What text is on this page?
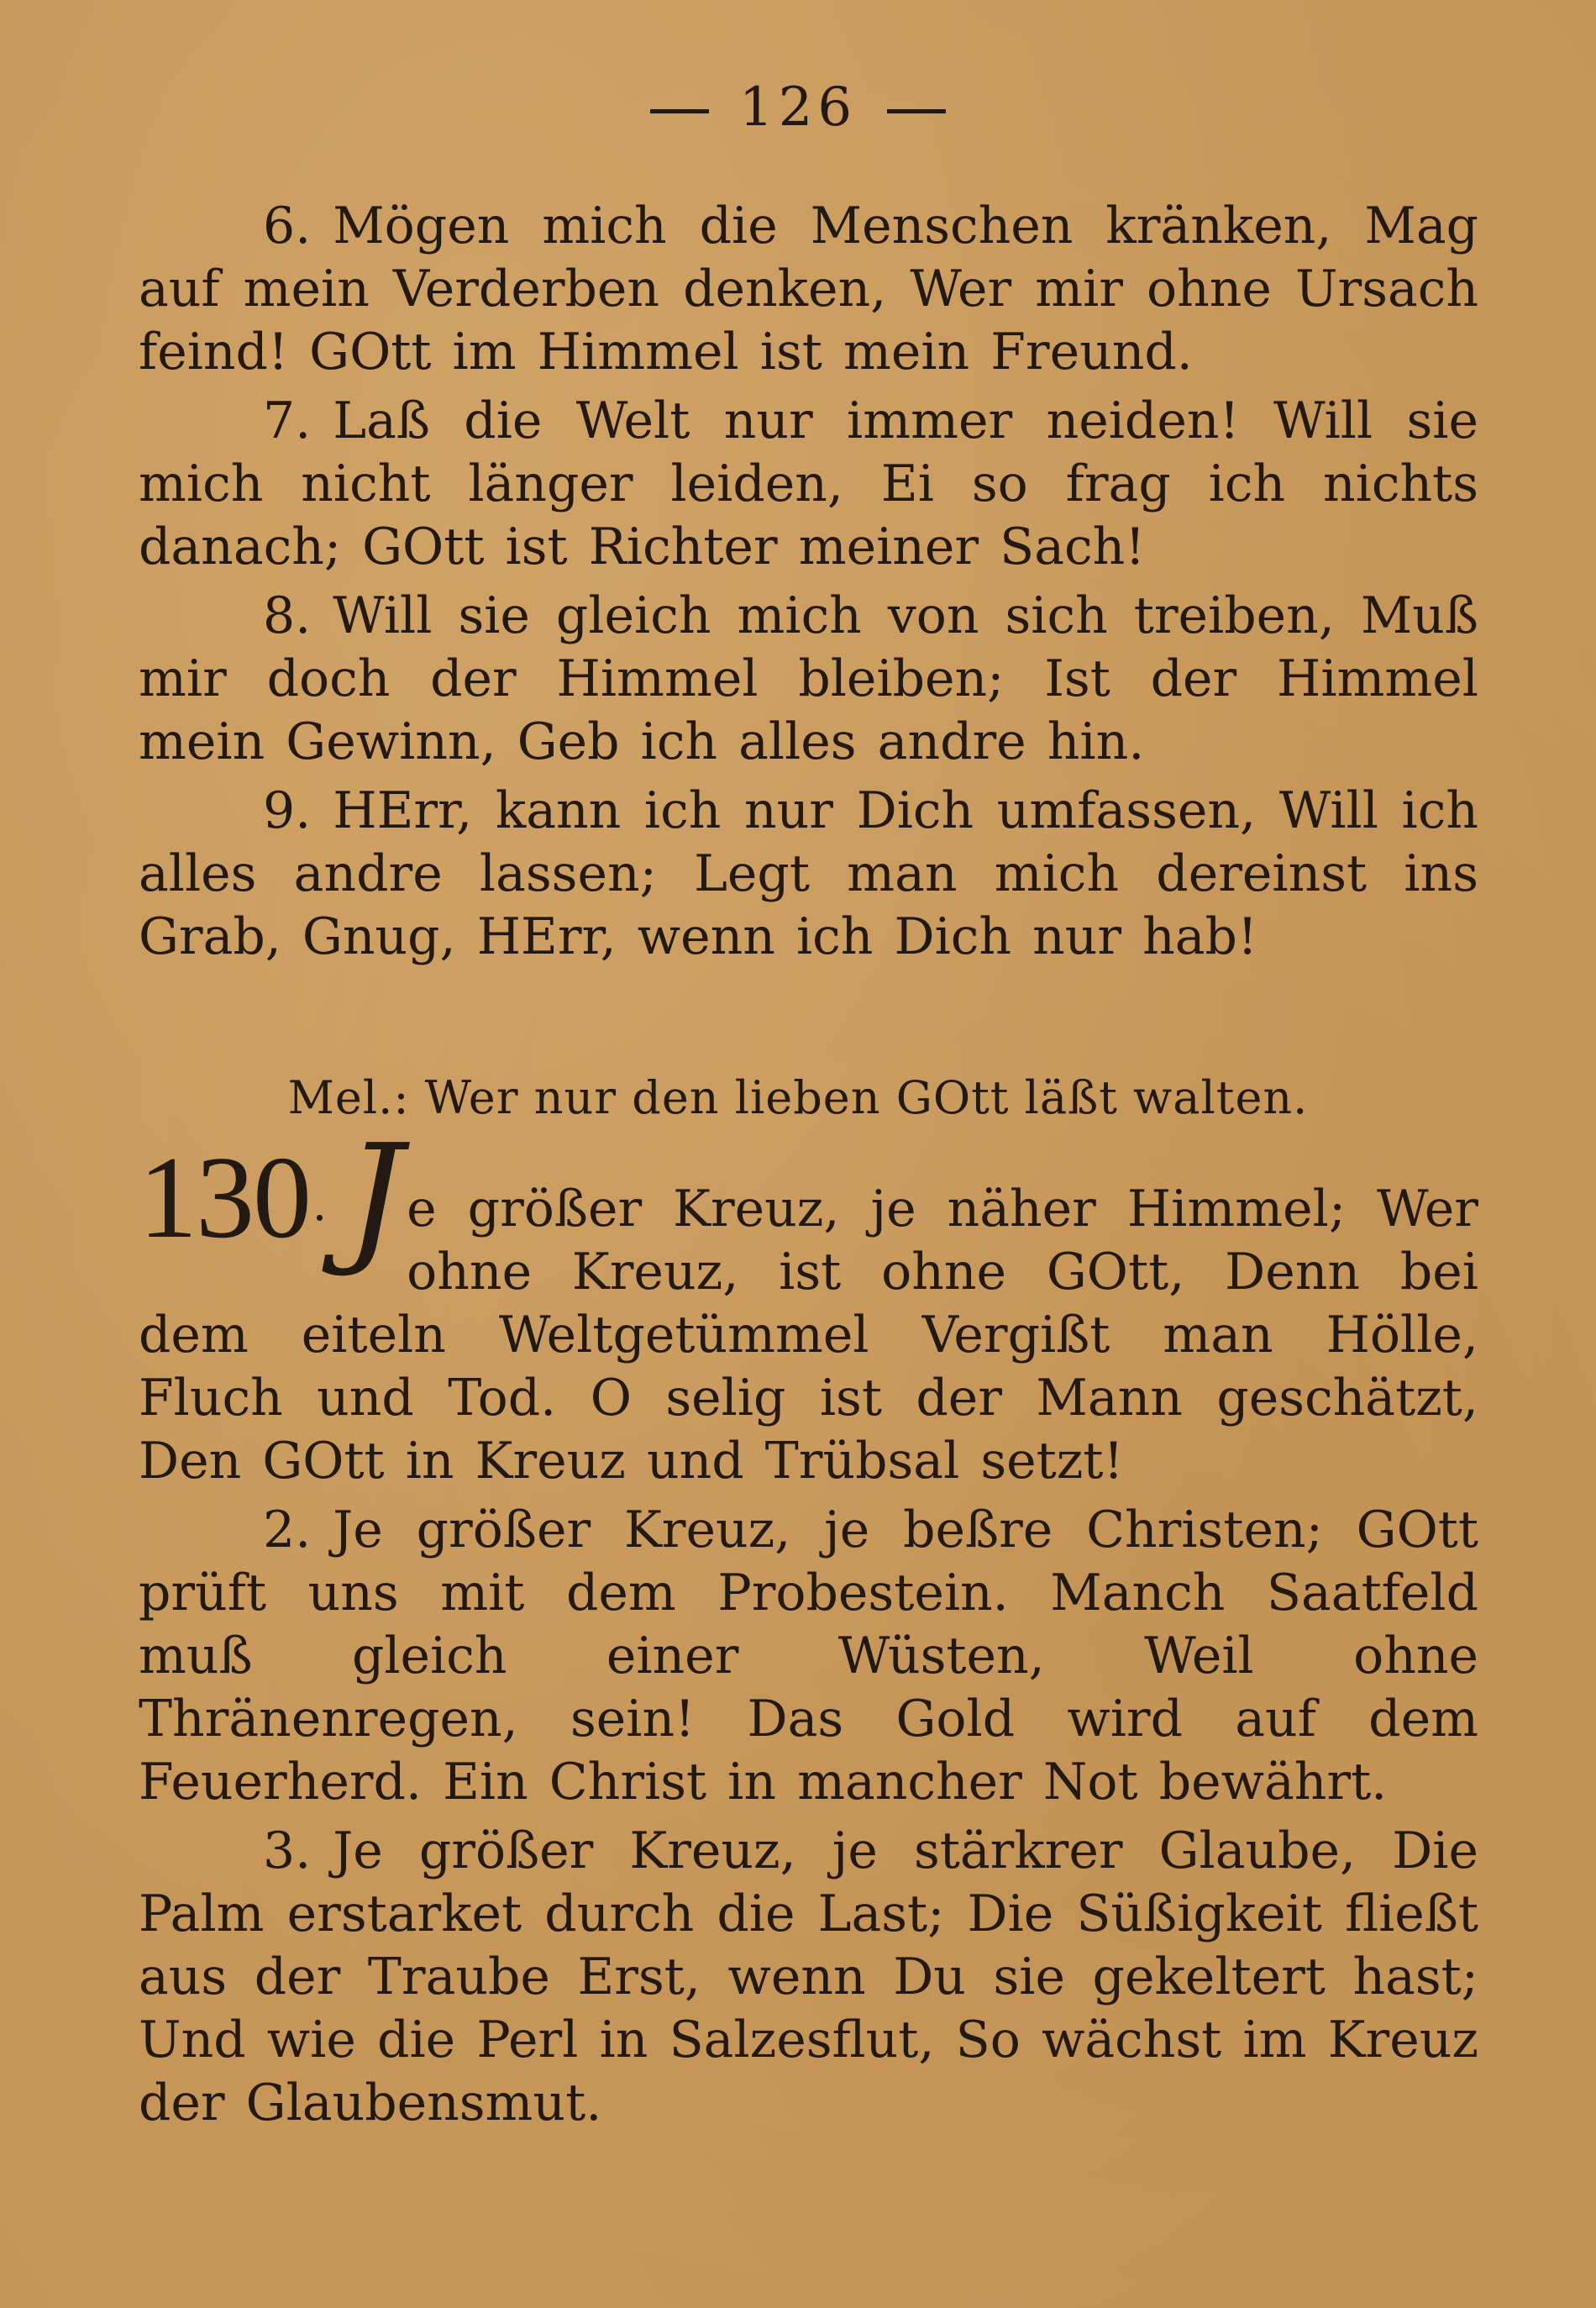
126

6. Mögen mich die Menschen kränken, Mag auf mein Verderben denken, Wer mir ohne Ursach feind! GOtt im Himmel ist mein Freund.

7. Laß die Welt nur immer neiden! Will sie mich nicht länger leiden, Ei so frag ich nichts danach; GOtt ist Richter meiner Sach!

8. Will sie gleich mich von sich treiben, Muß mir doch der Himmel bleiben; Ist der Himmel mein Gewinn, Geb ich alles andre hin.

9. HErr, kann ich nur Dich umfassen, Will ich alles andre lassen; Legt man mich dereinst ins Grab, Gnug, HErr, wenn ich Dich nur hab!

Mel.: Wer nur den lieben GOtt läßt walten.
130. J e größer Kreuz, je näher Himmel; Wer ohne Kreuz, ist ohne GOtt, Denn bei dem eiteln Weltgetümmel Vergißt man Hölle, Fluch und Tod. O selig ist der Mann geschätzt, Den GOtt in Kreuz und Trübsal setzt!

2. Je größer Kreuz, je beßre Christen; GOtt prüft uns mit dem Probestein. Manch Saatfeld muß gleich einer Wüsten, Weil ohne Thränenregen, sein! Das Gold wird auf dem Feuerherd. Ein Christ in mancher Not bewährt.

3. Je größer Kreuz, je stärkrer Glaube, Die Palm erstarket durch die Last; Die Süßigkeit fließt aus der Traube Erst, wenn Du sie gekeltert hast; Und wie die Perl in Salzesflut, So wächst im Kreuz der Glaubensmut.
